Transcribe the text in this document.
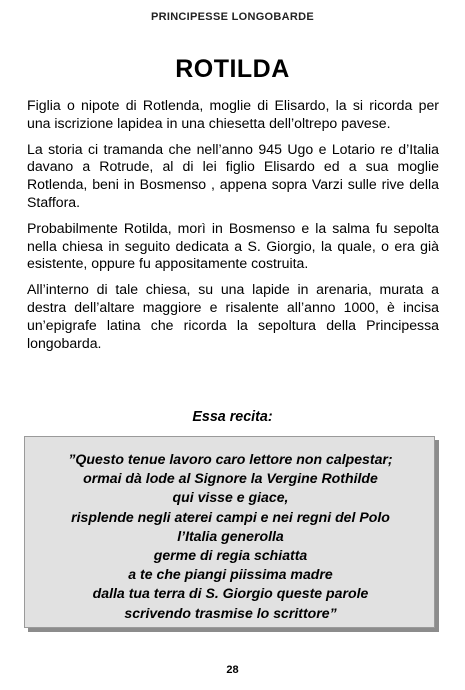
PRINCIPESSE LONGOBARDE
ROTILDA

Figlia o nipote di Rotlenda, moglie di Elisardo, la si ricorda per una iscrizione lapidea in una chiesetta dell’oltrepo pavese.

La storia ci tramanda che nell’anno 945 Ugo e Lotario re d’Italia davano a Rotrude, al di lei figlio Elisardo ed a sua moglie Rotlenda, beni in Bosmenso , appena sopra Varzi sulle rive della Staffora.

Probabilmente Rotilda, morì in Bosmenso e la salma fu sepolta nella chiesa in seguito dedicata a S. Giorgio, la quale, o era già esistente, oppure fu appositamente costruita.

All’interno di tale chiesa, su una lapide in arenaria, murata a destra dell’altare maggiore e risalente all’anno 1000, è incisa un’epigrafe latina che ricorda la sepoltura della Principessa longobarda.

Essa recita:
”Questo tenue lavoro caro lettore non calpestar;
ormai dà lode al Signore la Vergine Rothilde
qui visse e giace,
risplende negli aterei campi e nei regni del Polo
l’Italia generolla
germe di regia schiatta
a te che piangi piissima madre
dalla tua terra di S. Giorgio queste parole
scrivendo trasmise lo scrittore”
28
